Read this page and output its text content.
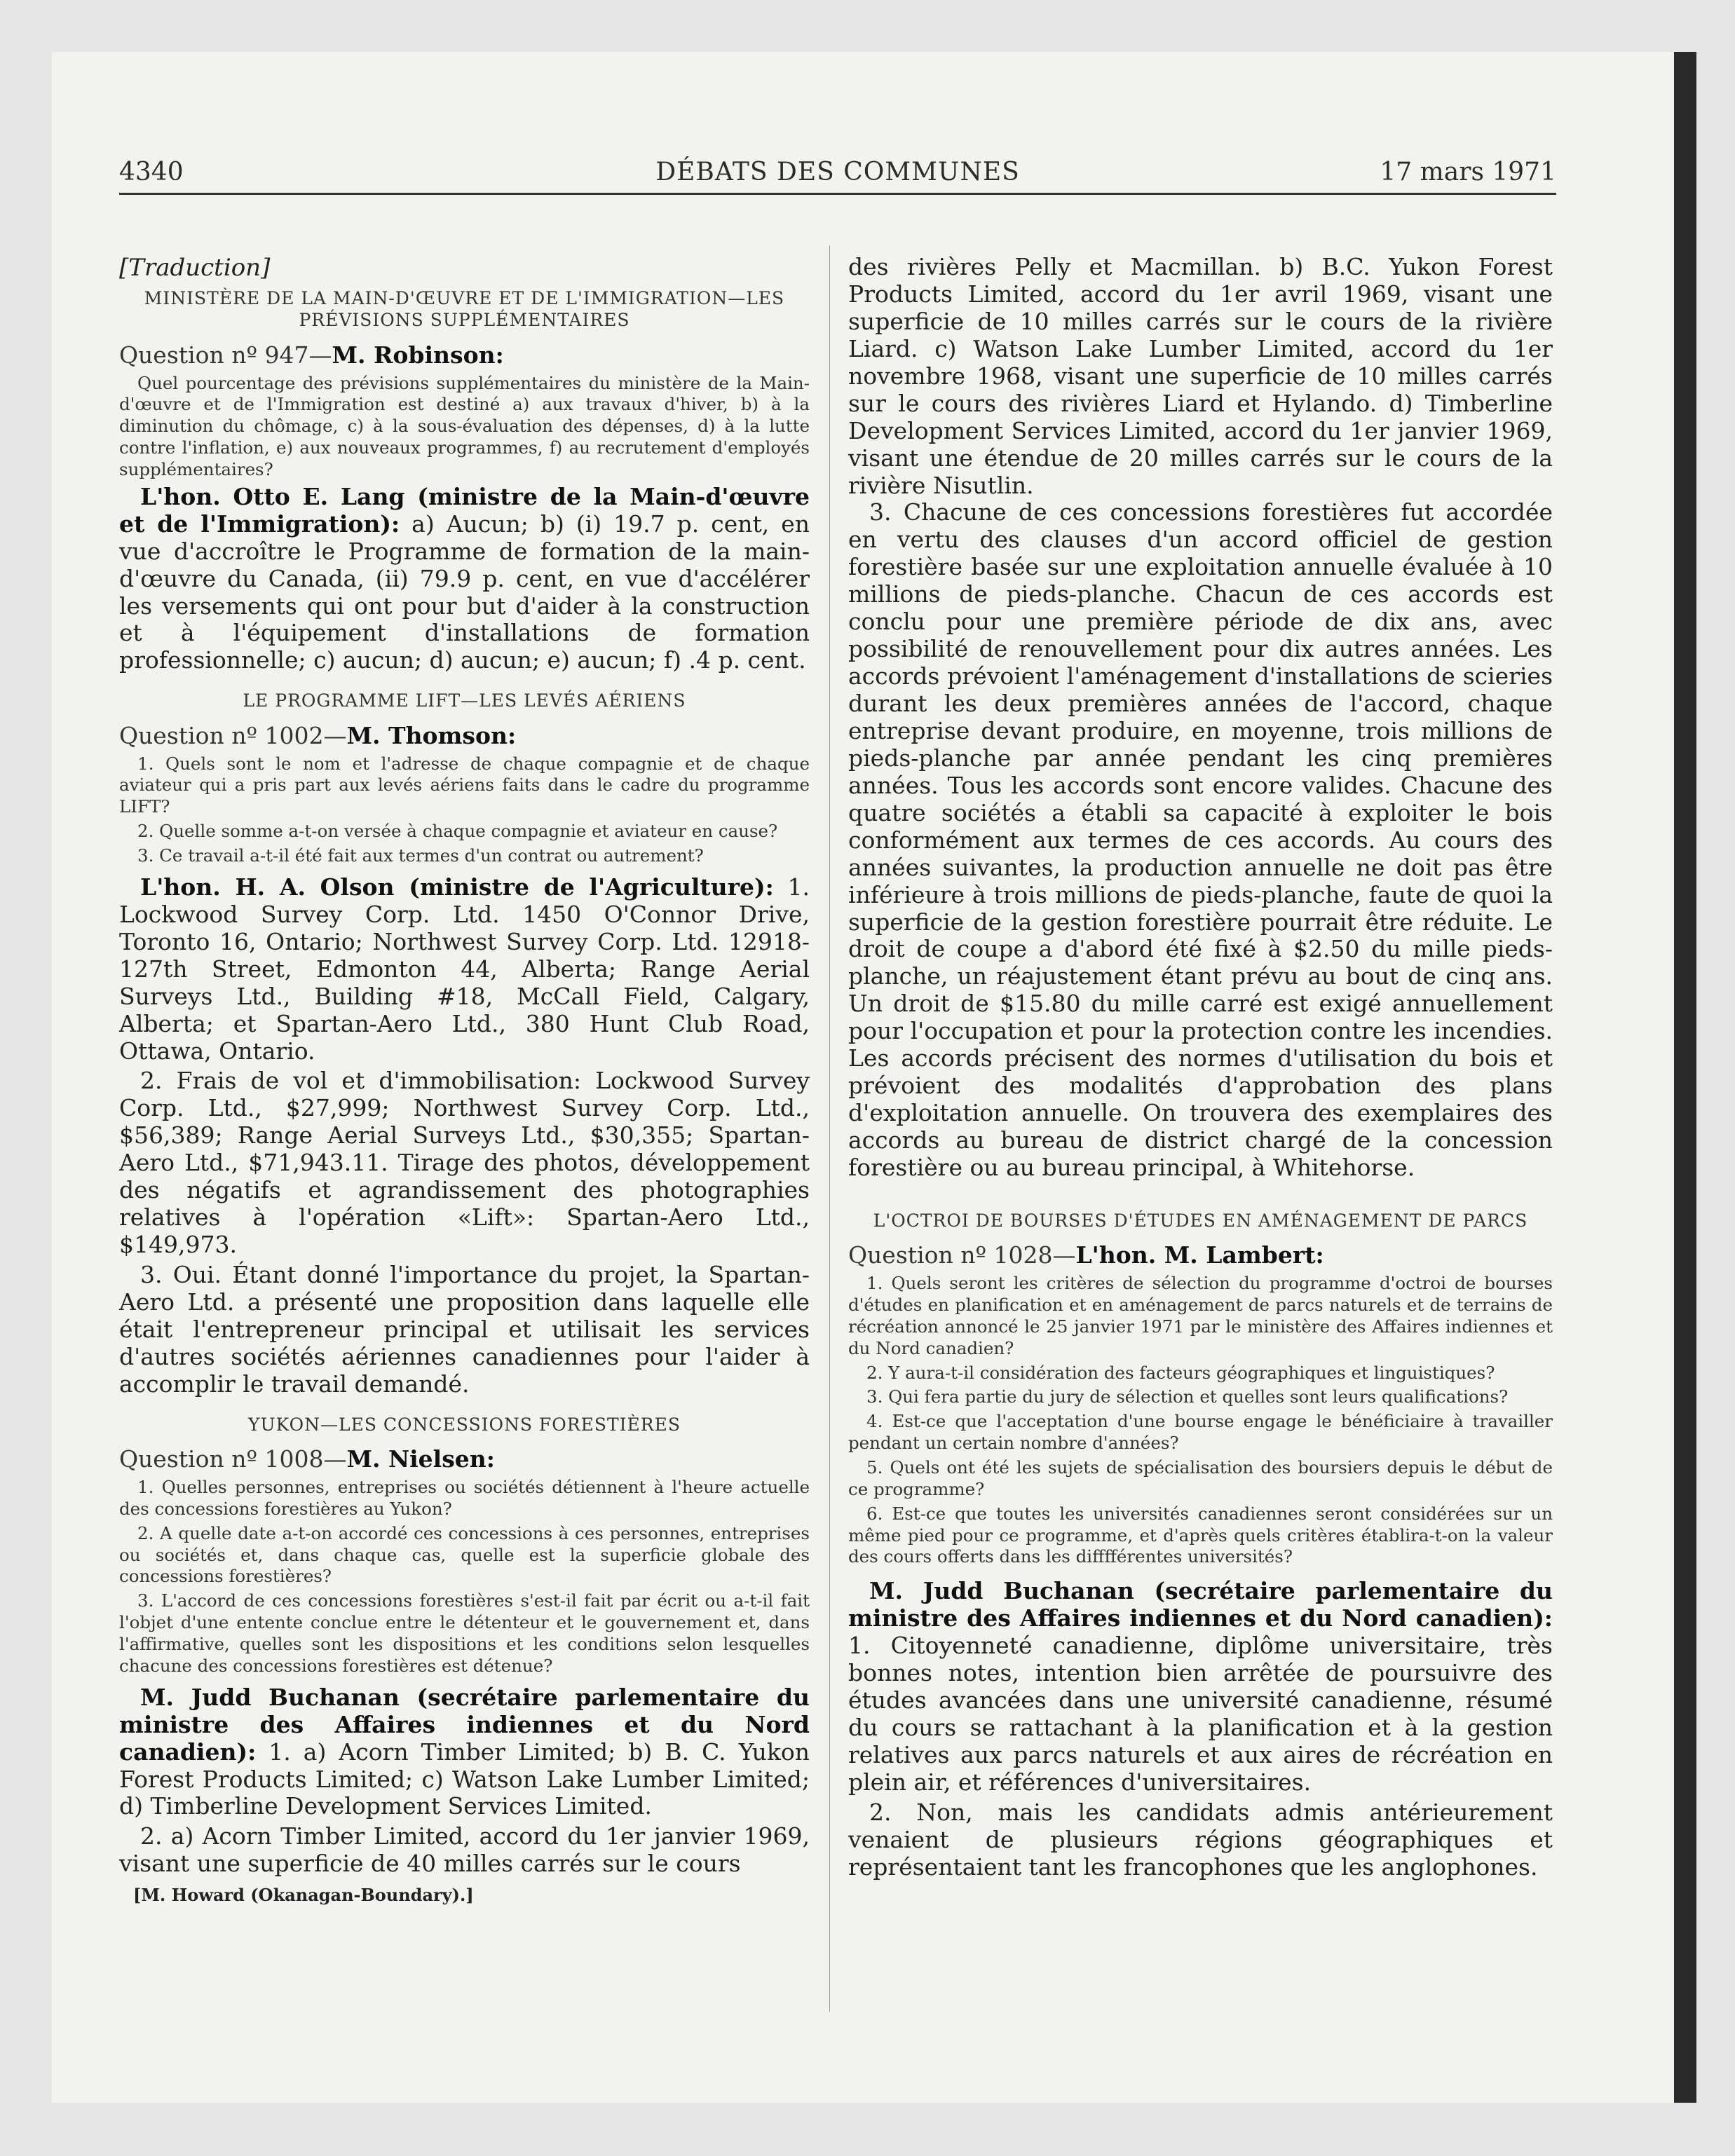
4340	DÉBATS DES COMMUNES	17 mars 1971
[Traduction]
MINISTÈRE DE LA MAIN-D'ŒUVRE ET DE L'IMMIGRATION—LES PRÉVISIONS SUPPLÉMENTAIRES
Question nº 947—M. Robinson:

Quel pourcentage des prévisions supplémentaires du ministère de la Main-d'œuvre et de l'Immigration est destiné a) aux travaux d'hiver, b) à la diminution du chômage, c) à la sous-évaluation des dépenses, d) à la lutte contre l'inflation, e) aux nouveaux programmes, f) au recrutement d'employés supplémentaires?

L'hon. Otto E. Lang (ministre de la Main-d'œuvre et de l'Immigration): a) Aucun; b) (i) 19.7 p. cent, en vue d'accroître le Programme de formation de la main-d'œuvre du Canada, (ii) 79.9 p. cent, en vue d'accélérer les versements qui ont pour but d'aider à la construction et à l'équipement d'installations de formation professionnelle; c) aucun; d) aucun; e) aucun; f) .4 p. cent.

LE PROGRAMME LIFT—LES LEVÉS AÉRIENS
Question nº 1002—M. Thomson:

1. Quels sont le nom et l'adresse de chaque compagnie et de chaque aviateur qui a pris part aux levés aériens faits dans le cadre du programme LIFT?

2. Quelle somme a-t-on versée à chaque compagnie et aviateur en cause?

3. Ce travail a-t-il été fait aux termes d'un contrat ou autrement?

L'hon. H. A. Olson (ministre de l'Agriculture): 1. Lockwood Survey Corp. Ltd. 1450 O'Connor Drive, Toronto 16, Ontario; Northwest Survey Corp. Ltd. 12918-127th Street, Edmonton 44, Alberta; Range Aerial Surveys Ltd., Building #18, McCall Field, Calgary, Alberta; et Spartan-Aero Ltd., 380 Hunt Club Road, Ottawa, Ontario.

2. Frais de vol et d'immobilisation: Lockwood Survey Corp. Ltd., $27,999; Northwest Survey Corp. Ltd., $56,389; Range Aerial Surveys Ltd., $30,355; Spartan-Aero Ltd., $71,943.11. Tirage des photos, développement des négatifs et agrandissement des photographies relatives à l'opération «Lift»: Spartan-Aero Ltd., $149,973.

3. Oui. Étant donné l'importance du projet, la Spartan-Aero Ltd. a présenté une proposition dans laquelle elle était l'entrepreneur principal et utilisait les services d'autres sociétés aériennes canadiennes pour l'aider à accomplir le travail demandé.

YUKON—LES CONCESSIONS FORESTIÈRES
Question nº 1008—M. Nielsen:

1. Quelles personnes, entreprises ou sociétés détiennent à l'heure actuelle des concessions forestières au Yukon?

2. A quelle date a-t-on accordé ces concessions à ces personnes, entreprises ou sociétés et, dans chaque cas, quelle est la superficie globale des concessions forestières?

3. L'accord de ces concessions forestières s'est-il fait par écrit ou a-t-il fait l'objet d'une entente conclue entre le détenteur et le gouvernement et, dans l'affirmative, quelles sont les dispositions et les conditions selon lesquelles chacune des concessions forestières est détenue?

M. Judd Buchanan (secrétaire parlementaire du ministre des Affaires indiennes et du Nord canadien): 1. a) Acorn Timber Limited; b) B. C. Yukon Forest Products Limited; c) Watson Lake Lumber Limited; d) Timberline Development Services Limited.

2. a) Acorn Timber Limited, accord du 1er janvier 1969, visant une superficie de 40 milles carrés sur le cours

[M. Howard (Okanagan-Boundary).]

des rivières Pelly et Macmillan. b) B.C. Yukon Forest Products Limited, accord du 1er avril 1969, visant une superficie de 10 milles carrés sur le cours de la rivière Liard. c) Watson Lake Lumber Limited, accord du 1er novembre 1968, visant une superficie de 10 milles carrés sur le cours des rivières Liard et Hylando. d) Timberline Development Services Limited, accord du 1er janvier 1969, visant une étendue de 20 milles carrés sur le cours de la rivière Nisutlin.

3. Chacune de ces concessions forestières fut accordée en vertu des clauses d'un accord officiel de gestion forestière basée sur une exploitation annuelle évaluée à 10 millions de pieds-planche. Chacun de ces accords est conclu pour une première période de dix ans, avec possibilité de renouvellement pour dix autres années. Les accords prévoient l'aménagement d'installations de scieries durant les deux premières années de l'accord, chaque entreprise devant produire, en moyenne, trois millions de pieds-planche par année pendant les cinq premières années. Tous les accords sont encore valides. Chacune des quatre sociétés a établi sa capacité à exploiter le bois conformément aux termes de ces accords. Au cours des années suivantes, la production annuelle ne doit pas être inférieure à trois millions de pieds-planche, faute de quoi la superficie de la gestion forestière pourrait être réduite. Le droit de coupe a d'abord été fixé à $2.50 du mille pieds-planche, un réajustement étant prévu au bout de cinq ans. Un droit de $15.80 du mille carré est exigé annuellement pour l'occupation et pour la protection contre les incendies. Les accords précisent des normes d'utilisation du bois et prévoient des modalités d'approbation des plans d'exploitation annuelle. On trouvera des exemplaires des accords au bureau de district chargé de la concession forestière ou au bureau principal, à Whitehorse.

L'OCTROI DE BOURSES D'ÉTUDES EN AMÉNAGEMENT DE PARCS
Question nº 1028—L'hon. M. Lambert:

1. Quels seront les critères de sélection du programme d'octroi de bourses d'études en planification et en aménagement de parcs naturels et de terrains de récréation annoncé le 25 janvier 1971 par le ministère des Affaires indiennes et du Nord canadien?

2. Y aura-t-il considération des facteurs géographiques et linguistiques?

3. Qui fera partie du jury de sélection et quelles sont leurs qualifications?

4. Est-ce que l'acceptation d'une bourse engage le bénéficiaire à travailler pendant un certain nombre d'années?

5. Quels ont été les sujets de spécialisation des boursiers depuis le début de ce programme?

6. Est-ce que toutes les universités canadiennes seront considérées sur un même pied pour ce programme, et d'après quels critères établira-t-on la valeur des cours offerts dans les difffférentes universités?

M. Judd Buchanan (secrétaire parlementaire du ministre des Affaires indiennes et du Nord canadien): 1. Citoyenneté canadienne, diplôme universitaire, très bonnes notes, intention bien arrêtée de poursuivre des études avancées dans une université canadienne, résumé du cours se rattachant à la planification et à la gestion relatives aux parcs naturels et aux aires de récréation en plein air, et références d'universitaires.

2. Non, mais les candidats admis antérieurement venaient de plusieurs régions géographiques et représentaient tant les francophones que les anglophones.
